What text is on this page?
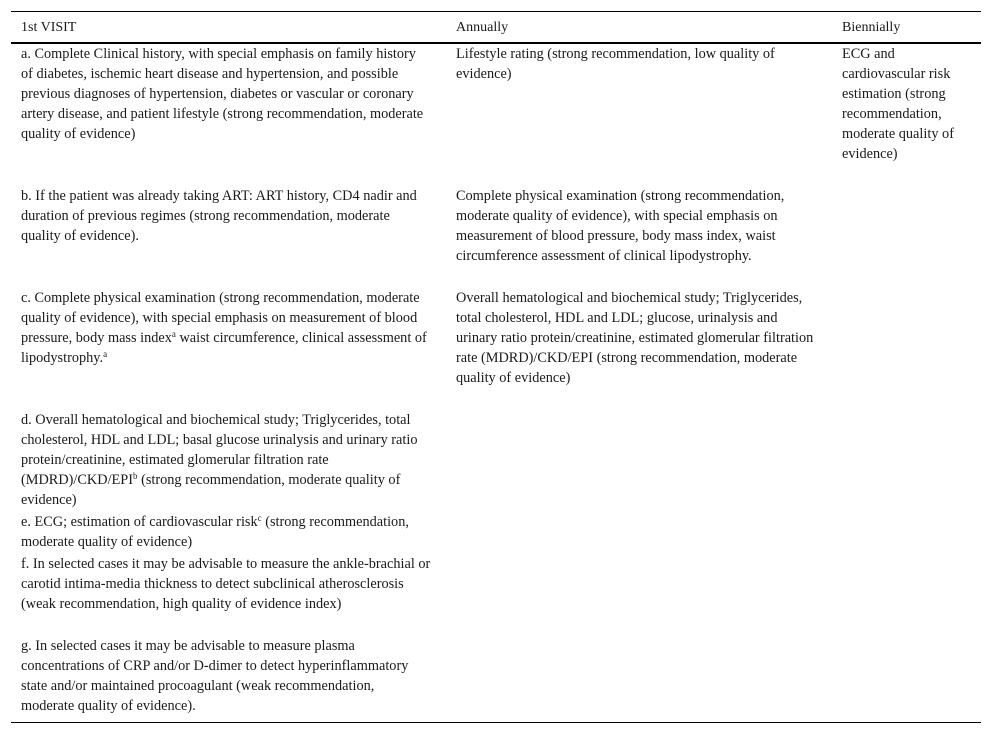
1st VISIT	Annually	Biennially
a. Complete Clinical history, with special emphasis on family history of diabetes, ischemic heart disease and hypertension, and possible previous diagnoses of hypertension, diabetes or vascular or coronary artery disease, and patient lifestyle (strong recommendation, moderate quality of evidence)
b. If the patient was already taking ART: ART history, CD4 nadir and duration of previous regimes (strong recommendation, moderate quality of evidence).
c. Complete physical examination (strong recommendation, moderate quality of evidence), with special emphasis on measurement of blood pressure, body mass index$^a$ waist circumference, clinical assessment of lipodystrophy.$^a$
d. Overall hematological and biochemical study; Triglycerides, total cholesterol, HDL and LDL; basal glucose urinalysis and urinary ratio protein/creatinine, estimated glomerular filtration rate (MDRD)/CKD/EPI$^b$ (strong recommendation, moderate quality of evidence)
e. ECG; estimation of cardiovascular risk$^c$ (strong recommendation, moderate quality of evidence)
f. In selected cases it may be advisable to measure the ankle-brachial or carotid intima-media thickness to detect subclinical atherosclerosis (weak recommendation, high quality of evidence index)
g. In selected cases it may be advisable to measure plasma concentrations of CRP and/or D-dimer to detect hyperinflammatory state and/or maintained procoagulant (weak recommendation, moderate quality of evidence).
Lifestyle rating (strong recommendation, low quality of evidence)
Complete physical examination (strong recommendation, moderate quality of evidence), with special emphasis on measurement of blood pressure, body mass index, waist circumference assessment of clinical lipodystrophy.
Overall hematological and biochemical study; Triglycerides, total cholesterol, HDL and LDL; glucose, urinalysis and urinary ratio protein/creatinine, estimated glomerular filtration rate (MDRD)/CKD/EPI (strong recommendation, moderate quality of evidence)
ECG and cardiovascular risk estimation (strong recommendation, moderate quality of evidence)
